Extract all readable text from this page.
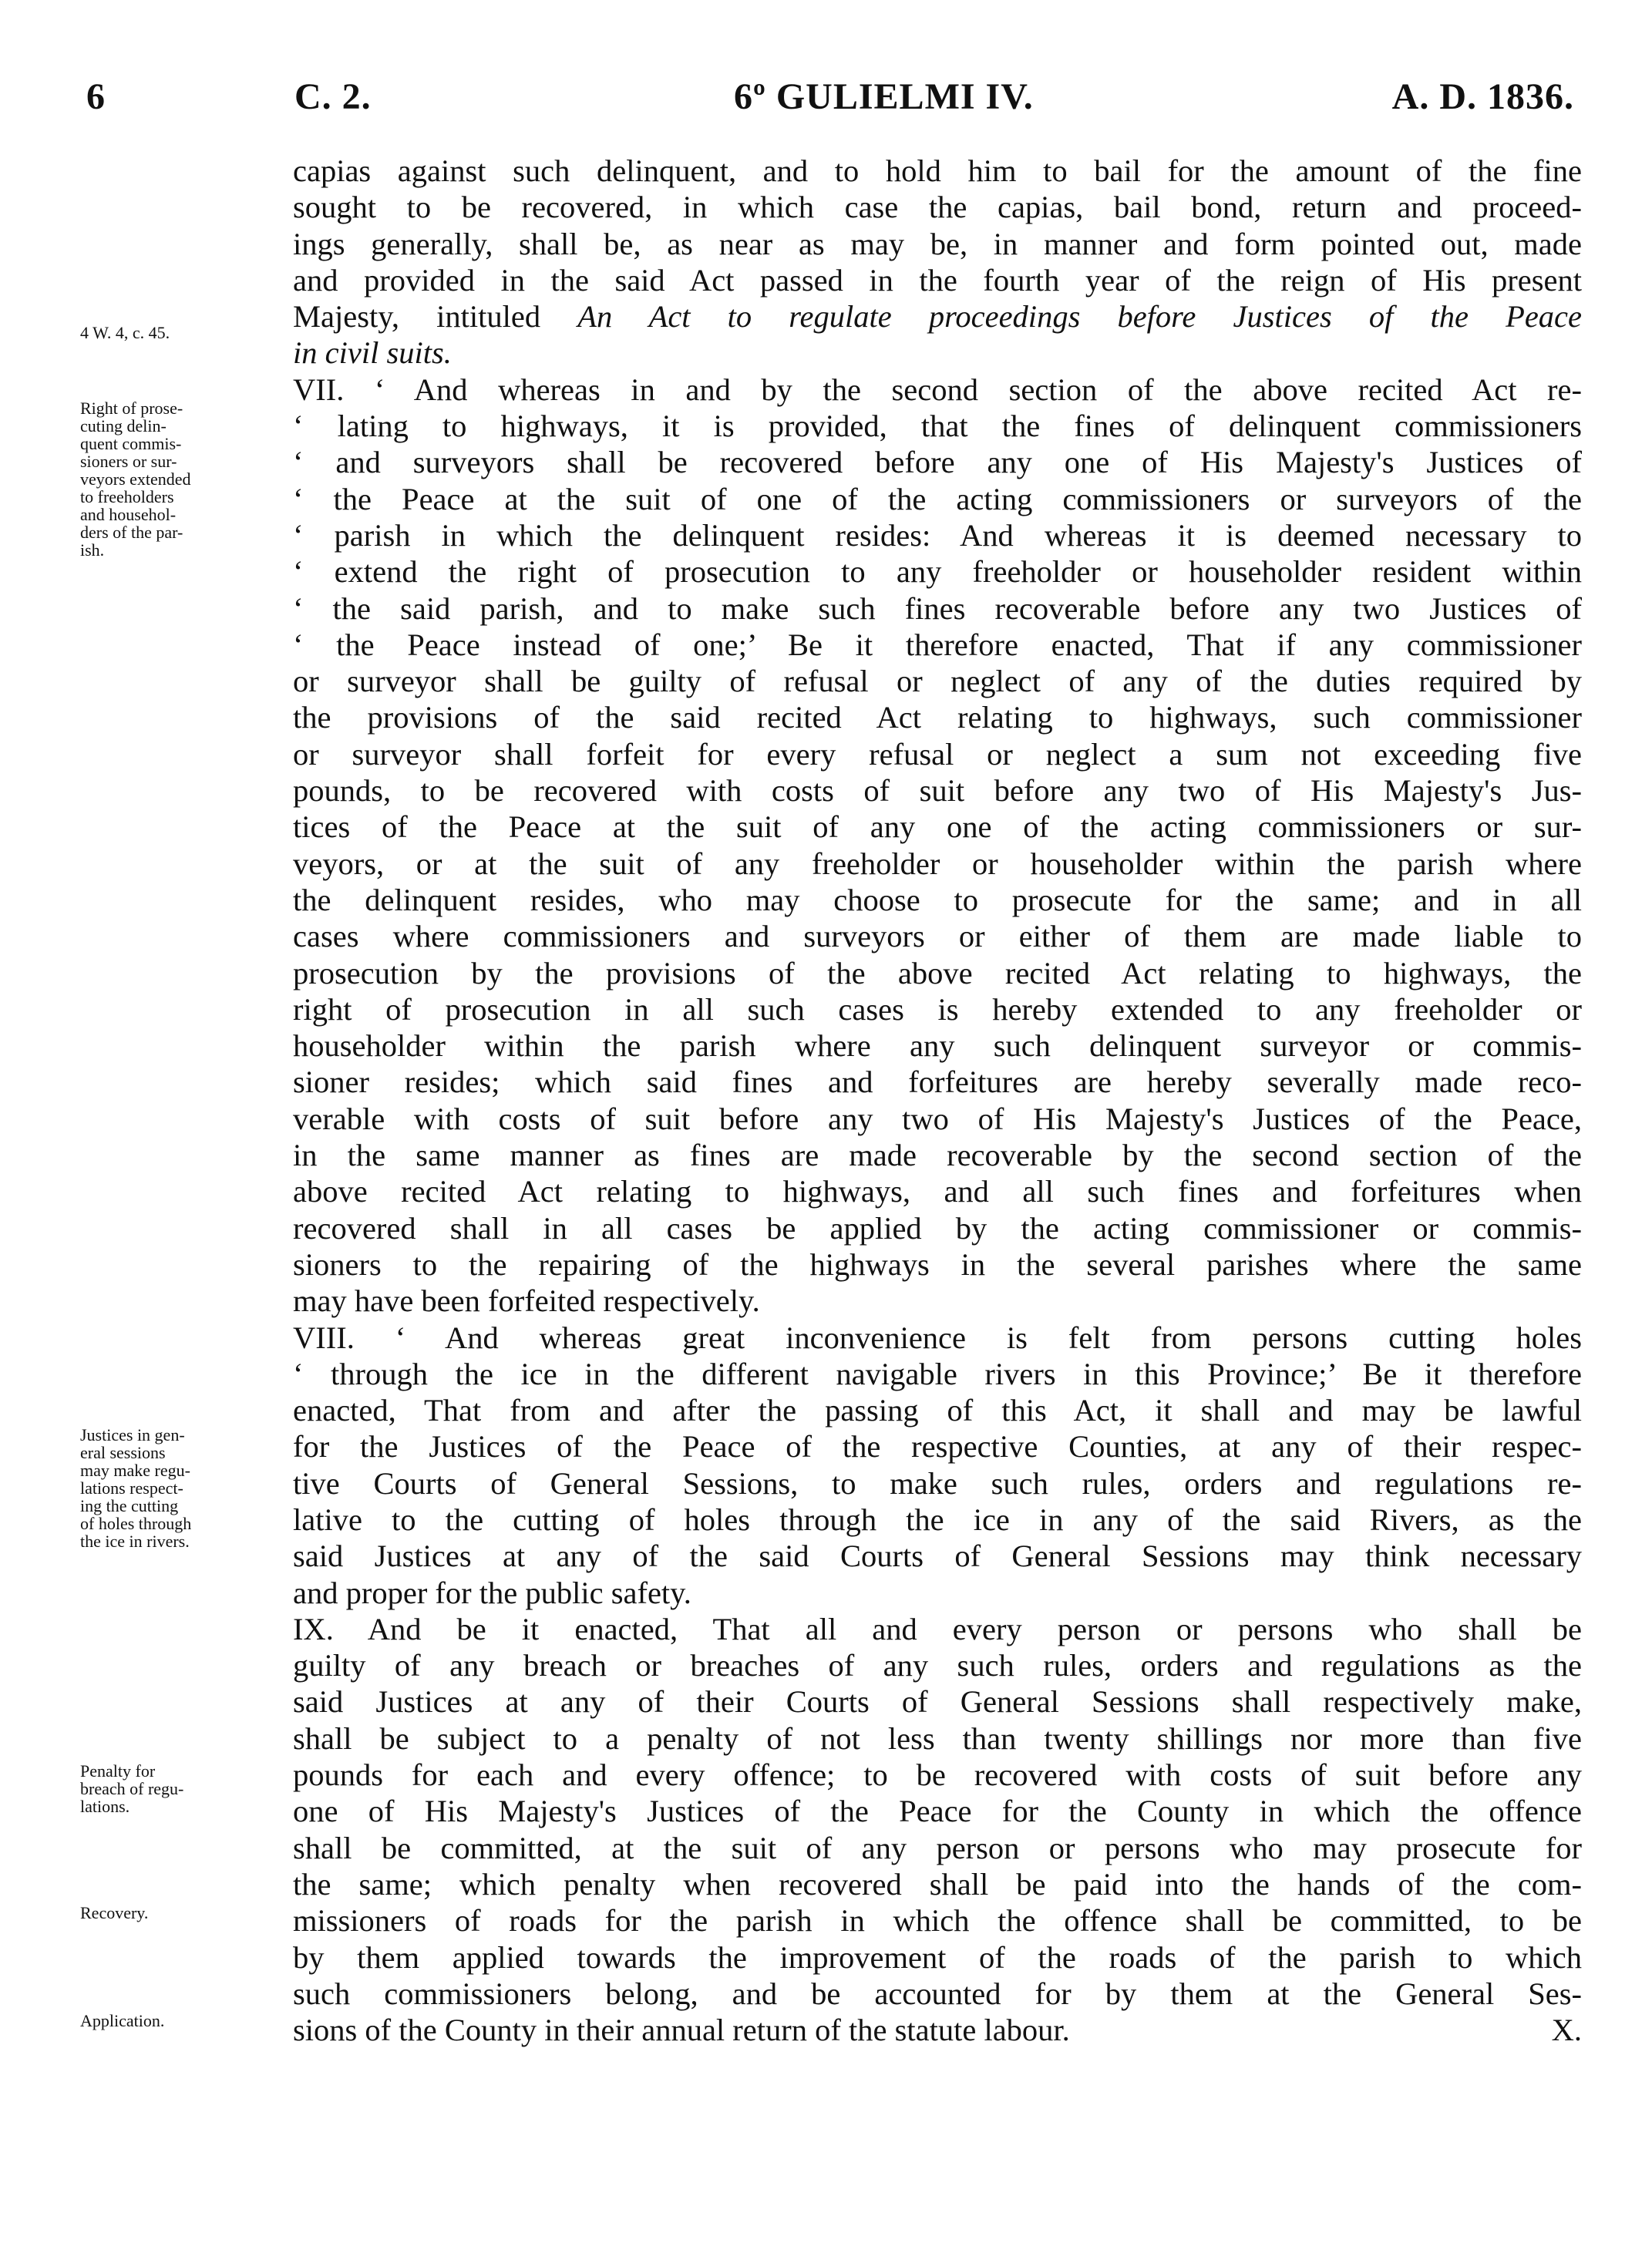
6	C. 2.	6º GULIELMI IV.	A. D. 1836.
4 W. 4, c. 45.
Right of prose-
cuting delin-
quent commis-
sioners or sur-
veyors extended
to freeholders
and househol-
ders of the par-
ish.
Justices in gen-
eral sessions
may make regu-
lations respect-
ing the cutting
of holes through
the ice in rivers.
Penalty for
breach of regu-
lations.
Recovery.
Application.

capias against such delinquent, and to hold him to bail for the amount of the fine
sought to be recovered, in which case the capias, bail bond, return and proceed-
ings generally, shall be, as near as may be, in manner and form pointed out, made
and provided in the said Act passed in the fourth year of the reign of His present
Majesty, intituled An Act to regulate proceedings before Justices of the Peace
in civil suits.

VII. ‘ And whereas in and by the second section of the above recited Act re-
‘ lating to highways, it is provided, that the fines of delinquent commissioners
‘ and surveyors shall be recovered before any one of His Majesty's Justices of
‘ the Peace at the suit of one of the acting commissioners or surveyors of the
‘ parish in which the delinquent resides: And whereas it is deemed necessary to
‘ extend the right of prosecution to any freeholder or householder resident within
‘ the said parish, and to make such fines recoverable before any two Justices of
‘ the Peace instead of one;’ Be it therefore enacted, That if any commissioner
or surveyor shall be guilty of refusal or neglect of any of the duties required by
the provisions of the said recited Act relating to highways, such commissioner
or surveyor shall forfeit for every refusal or neglect a sum not exceeding five
pounds, to be recovered with costs of suit before any two of His Majesty's Jus-
tices of the Peace at the suit of any one of the acting commissioners or sur-
veyors, or at the suit of any freeholder or householder within the parish where
the delinquent resides, who may choose to prosecute for the same; and in all
cases where commissioners and surveyors or either of them are made liable to
prosecution by the provisions of the above recited Act relating to highways, the
right of prosecution in all such cases is hereby extended to any freeholder or
householder within the parish where any such delinquent surveyor or commis-
sioner resides; which said fines and forfeitures are hereby severally made reco-
verable with costs of suit before any two of His Majesty's Justices of the Peace,
in the same manner as fines are made recoverable by the second section of the
above recited Act relating to highways, and all such fines and forfeitures when
recovered shall in all cases be applied by the acting commissioner or commis-
sioners to the repairing of the highways in the several parishes where the same
may have been forfeited respectively.

VIII. ‘ And whereas great inconvenience is felt from persons cutting holes
‘ through the ice in the different navigable rivers in this Province;’ Be it therefore
enacted, That from and after the passing of this Act, it shall and may be lawful
for the Justices of the Peace of the respective Counties, at any of their respec-
tive Courts of General Sessions, to make such rules, orders and regulations re-
lative to the cutting of holes through the ice in any of the said Rivers, as the
said Justices at any of the said Courts of General Sessions may think necessary
and proper for the public safety.

IX. And be it enacted, That all and every person or persons who shall be
guilty of any breach or breaches of any such rules, orders and regulations as the
said Justices at any of their Courts of General Sessions shall respectively make,
shall be subject to a penalty of not less than twenty shillings nor more than five
pounds for each and every offence; to be recovered with costs of suit before any
one of His Majesty's Justices of the Peace for the County in which the offence
shall be committed, at the suit of any person or persons who may prosecute for
the same; which penalty when recovered shall be paid into the hands of the com-
missioners of roads for the parish in which the offence shall be committed, to be
by them applied towards the improvement of the roads of the parish to which
such commissioners belong, and be accounted for by them at the General Ses-
sions of the County in their annual return of the statute labour.	X.
